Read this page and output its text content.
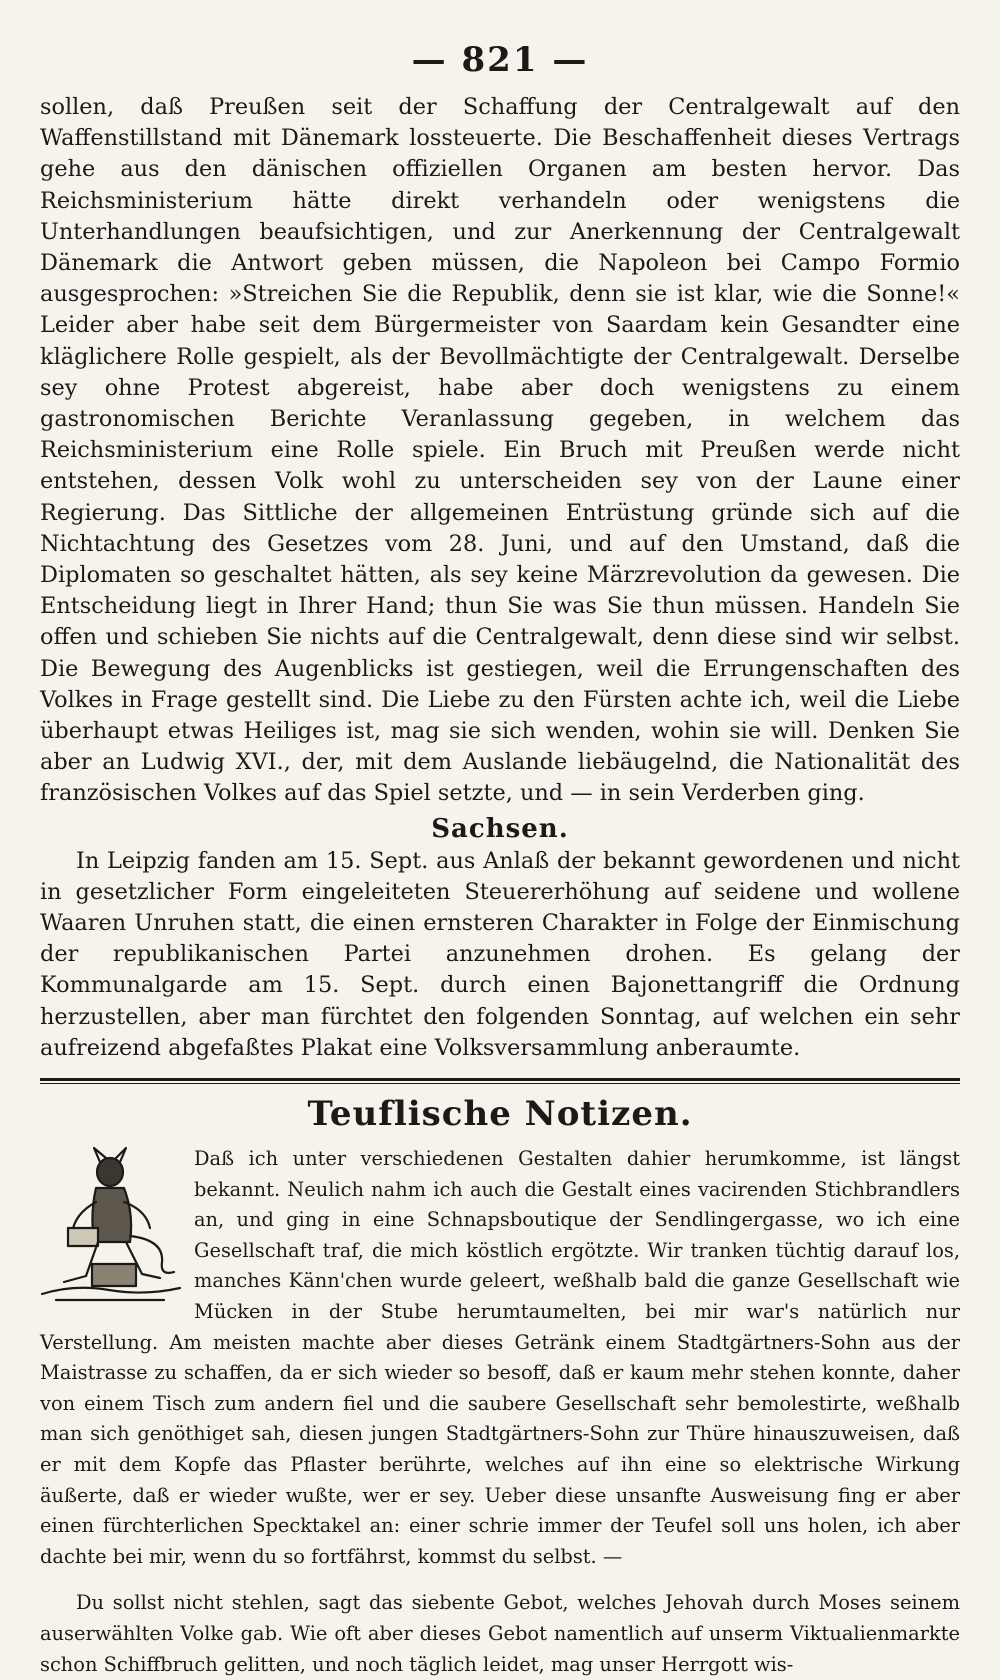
— 821 —

sollen, daß Preußen seit der Schaffung der Centralgewalt auf den Waffenstillstand mit Dänemark lossteuerte. Die Beschaffenheit dieses Vertrags gehe aus den dänischen offiziellen Organen am besten hervor. Das Reichsministerium hätte direkt verhandeln oder wenigstens die Unterhandlungen beaufsichtigen, und zur Anerkennung der Centralgewalt Dänemark die Antwort geben müssen, die Napoleon bei Campo Formio ausgesprochen: »Streichen Sie die Republik, denn sie ist klar, wie die Sonne!« Leider aber habe seit dem Bürgermeister von Saardam kein Gesandter eine kläglichere Rolle gespielt, als der Bevollmächtigte der Centralgewalt. Derselbe sey ohne Protest abgereist, habe aber doch wenigstens zu einem gastronomischen Berichte Veranlassung gegeben, in welchem das Reichsministerium eine Rolle spiele. Ein Bruch mit Preußen werde nicht entstehen, dessen Volk wohl zu unterscheiden sey von der Laune einer Regierung. Das Sittliche der allgemeinen Entrüstung gründe sich auf die Nichtachtung des Gesetzes vom 28. Juni, und auf den Umstand, daß die Diplomaten so geschaltet hätten, als sey keine Märzrevolution da gewesen. Die Entscheidung liegt in Ihrer Hand; thun Sie was Sie thun müssen. Handeln Sie offen und schieben Sie nichts auf die Centralgewalt, denn diese sind wir selbst. Die Bewegung des Augenblicks ist gestiegen, weil die Errungenschaften des Volkes in Frage gestellt sind. Die Liebe zu den Fürsten achte ich, weil die Liebe überhaupt etwas Heiliges ist, mag sie sich wenden, wohin sie will. Denken Sie aber an Ludwig XVI., der, mit dem Auslande liebäugelnd, die Nationalität des französischen Volkes auf das Spiel setzte, und — in sein Verderben ging.

Sachsen.

In Leipzig fanden am 15. Sept. aus Anlaß der bekannt gewordenen und nicht in gesetzlicher Form eingeleiteten Steuererhöhung auf seidene und wollene Waaren Unruhen statt, die einen ernsteren Charakter in Folge der Einmischung der republikanischen Partei anzunehmen drohen. Es gelang der Kommunalgarde am 15. Sept. durch einen Bajonettangriff die Ordnung herzustellen, aber man fürchtet den folgenden Sonntag, auf welchen ein sehr aufreizend abgefaßtes Plakat eine Volksversammlung anberaumte.

Teuflische Notizen.

Daß ich unter verschiedenen Gestalten dahier herumkomme, ist längst bekannt. Neulich nahm ich auch die Gestalt eines vacirenden Stichbrandlers an, und ging in eine Schnapsboutique der Sendlingergasse, wo ich eine Gesellschaft traf, die mich köstlich ergötzte. Wir tranken tüchtig darauf los, manches Känn'chen wurde geleert, weßhalb bald die ganze Gesellschaft wie Mücken in der Stube herumtaumelten, bei mir war's natürlich nur Verstellung. Am meisten machte aber dieses Getränk einem Stadtgärtners-Sohn aus der Maistrasse zu schaffen, da er sich wieder so besoff, daß er kaum mehr stehen konnte, daher von einem Tisch zum andern fiel und die saubere Gesellschaft sehr bemolestirte, weßhalb man sich genöthiget sah, diesen jungen Stadtgärtners-Sohn zur Thüre hinauszuweisen, daß er mit dem Kopfe das Pflaster berührte, welches auf ihn eine so elektrische Wirkung äußerte, daß er wieder wußte, wer er sey. Ueber diese unsanfte Ausweisung fing er aber einen fürchterlichen Specktakel an: einer schrie immer der Teufel soll uns holen, ich aber dachte bei mir, wenn du so fortfährst, kommst du selbst. —

Du sollst nicht stehlen, sagt das siebente Gebot, welches Jehovah durch Moses seinem auserwählten Volke gab. Wie oft aber dieses Gebot namentlich auf unserm Viktualienmarkte schon Schiffbruch gelitten, und noch täglich leidet, mag unser Herrgott wis-
